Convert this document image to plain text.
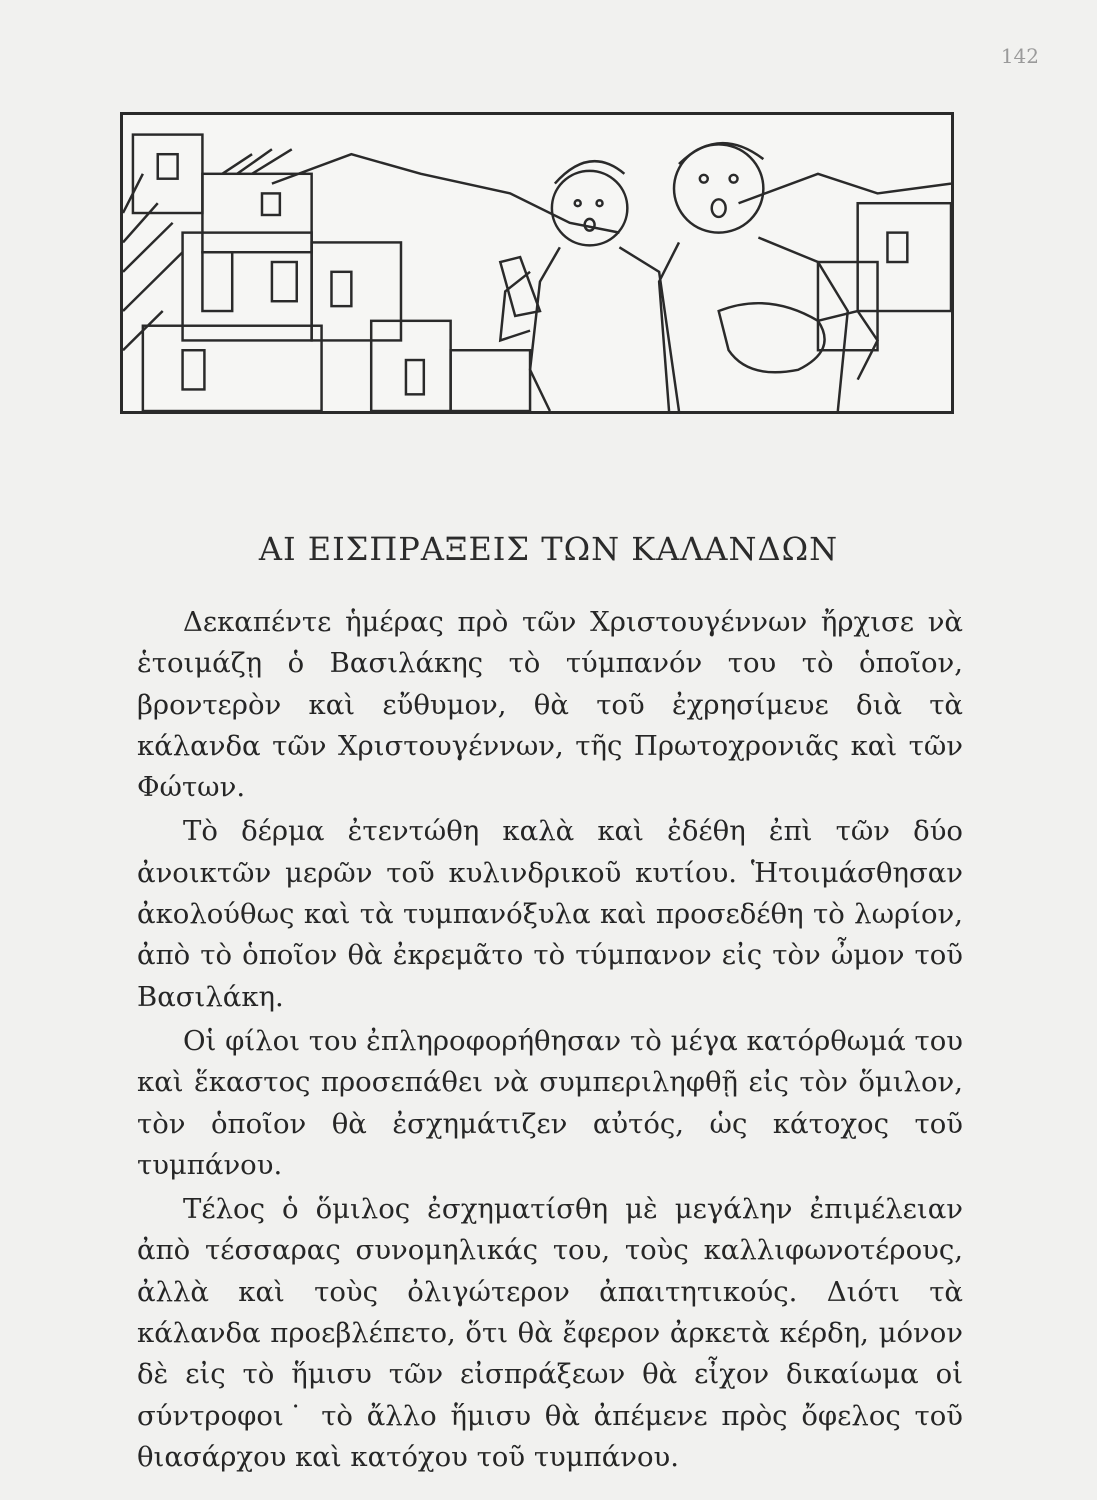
142
ΑΙ ΕΙΣΠΡΑΞΕΙΣ ΤΩΝ ΚΑΛΑΝΔΩΝ

Δεκαπέντε ἡμέρας πρὸ τῶν Χριστουγέννων ἤρχισε νὰ ἑτοιμάζῃ ὁ Βασιλάκης τὸ τύμπανόν του τὸ ὁποῖον, βροντερὸν καὶ εὔθυμον, θὰ τοῦ ἐχρησίμευε διὰ τὰ κάλανδα τῶν Χριστουγέννων, τῆς Πρωτοχρονιᾶς καὶ τῶν Φώτων.

Τὸ δέρμα ἐτεντώθη καλὰ καὶ ἐδέθη ἐπὶ τῶν δύο ἀνοικτῶν μερῶν τοῦ κυλινδρικοῦ κυτίου. Ἡτοιμάσθησαν ἀκολούθως καὶ τὰ τυμπανόξυλα καὶ προσεδέθη τὸ λωρίον, ἀπὸ τὸ ὁποῖον θὰ ἐκρεμᾶτο τὸ τύμπανον εἰς τὸν ὦμον τοῦ Βασιλάκη.

Οἱ φίλοι του ἐπληροφορήθησαν τὸ μέγα κατόρθωμά του καὶ ἕκαστος προσεπάθει νὰ συμπεριληφθῇ εἰς τὸν ὅμιλον, τὸν ὁποῖον θὰ ἐσχημάτιζεν αὐτός, ὡς κάτοχος τοῦ τυμπάνου.

Τέλος ὁ ὅμιλος ἐσχηματίσθη μὲ μεγάλην ἐπιμέλειαν ἀπὸ τέσσαρας συνομηλικάς του, τοὺς καλλιφωνοτέρους, ἀλλὰ καὶ τοὺς ὀλιγώτερον ἀπαιτητικούς. Διότι τὰ κάλανδα προεβλέπετο, ὅτι θὰ ἔφερον ἀρκετὰ κέρδη, μόνον δὲ εἰς τὸ ἥμισυ τῶν εἰσπράξεων θὰ εἶχον δικαίωμα οἱ σύντροφοι˙ τὸ ἄλλο ἥμισυ θὰ ἀπέμενε πρὸς ὄφελος τοῦ θιασάρχου καὶ κατόχου τοῦ τυμπάνου.
